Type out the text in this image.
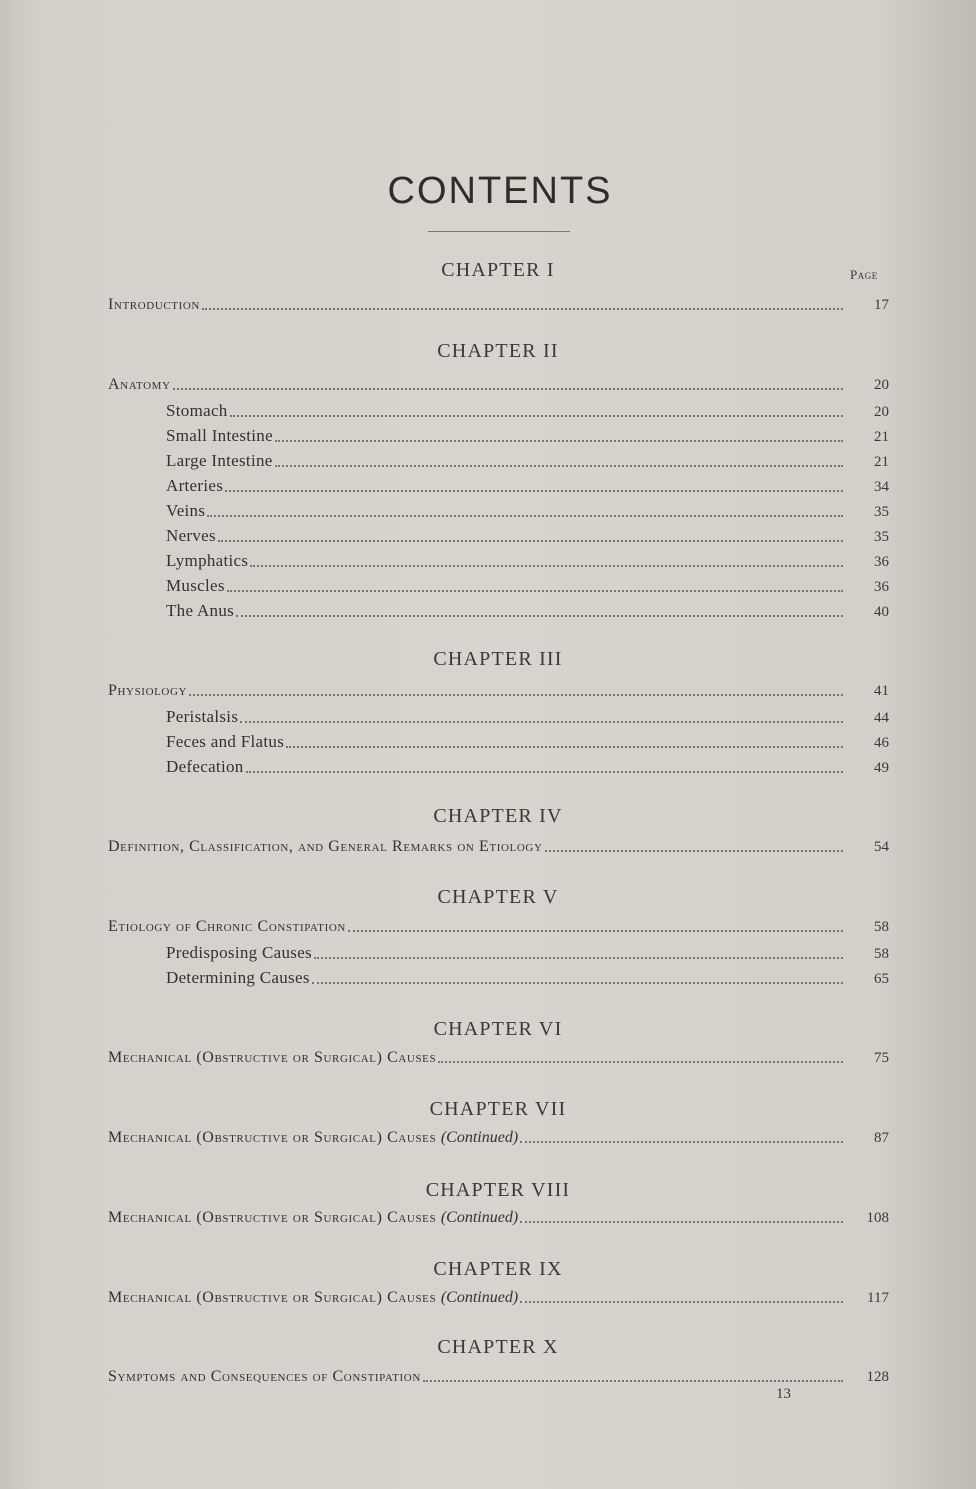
CONTENTS
Page
CHAPTER I
Introduction	17
CHAPTER II
Anatomy	20
Stomach	20
Small Intestine	21
Large Intestine	21
Arteries	34
Veins	35
Nerves	35
Lymphatics	36
Muscles	36
The Anus	40
CHAPTER III
Physiology	41
Peristalsis	44
Feces and Flatus	46
Defecation	49
CHAPTER IV
Definition, Classification, and General Remarks on Etiology	54
CHAPTER V
Etiology of Chronic Constipation	58
Predisposing Causes	58
Determining Causes	65
CHAPTER VI
Mechanical (Obstructive or Surgical) Causes	75
CHAPTER VII
Mechanical (Obstructive or Surgical) Causes (Continued)	87
CHAPTER VIII
Mechanical (Obstructive or Surgical) Causes (Continued)	108
CHAPTER IX
Mechanical (Obstructive or Surgical) Causes (Continued)	117
CHAPTER X
Symptoms and Consequences of Constipation	128
13
